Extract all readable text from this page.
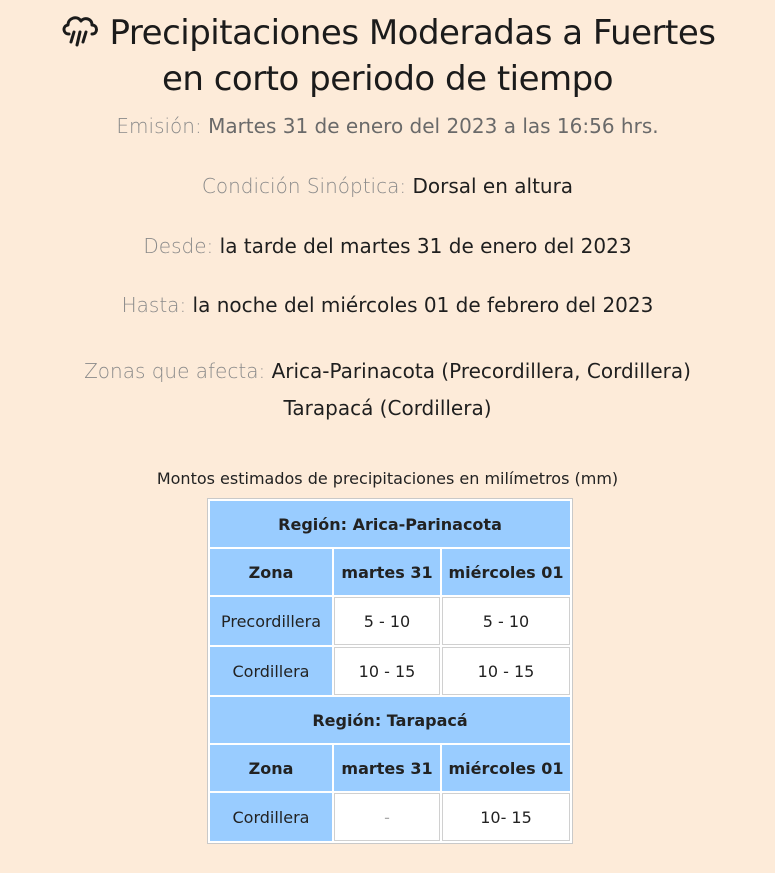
Precipitaciones Moderadas a Fuertes
en corto periodo de tiempo

Emisión: Martes 31 de enero del 2023 a las 16:56 hrs.

Condición Sinóptica: Dorsal en altura

Desde: la tarde del martes 31 de enero del 2023

Hasta: la noche del miércoles 01 de febrero del 2023

Zonas que afecta: Arica-Parinacota (Precordillera, Cordillera)
Tarapacá (Cordillera)

Montos estimados de precipitaciones en milímetros (mm)
Región: Arica-Parinacota		
Zona	martes 31	miércoles 01
Precordillera	5 - 10	5 - 10
Cordillera	10 - 15	10 - 15
Región: Tarapacá		
Zona	martes 31	miércoles 01
Cordillera	-	10- 15
